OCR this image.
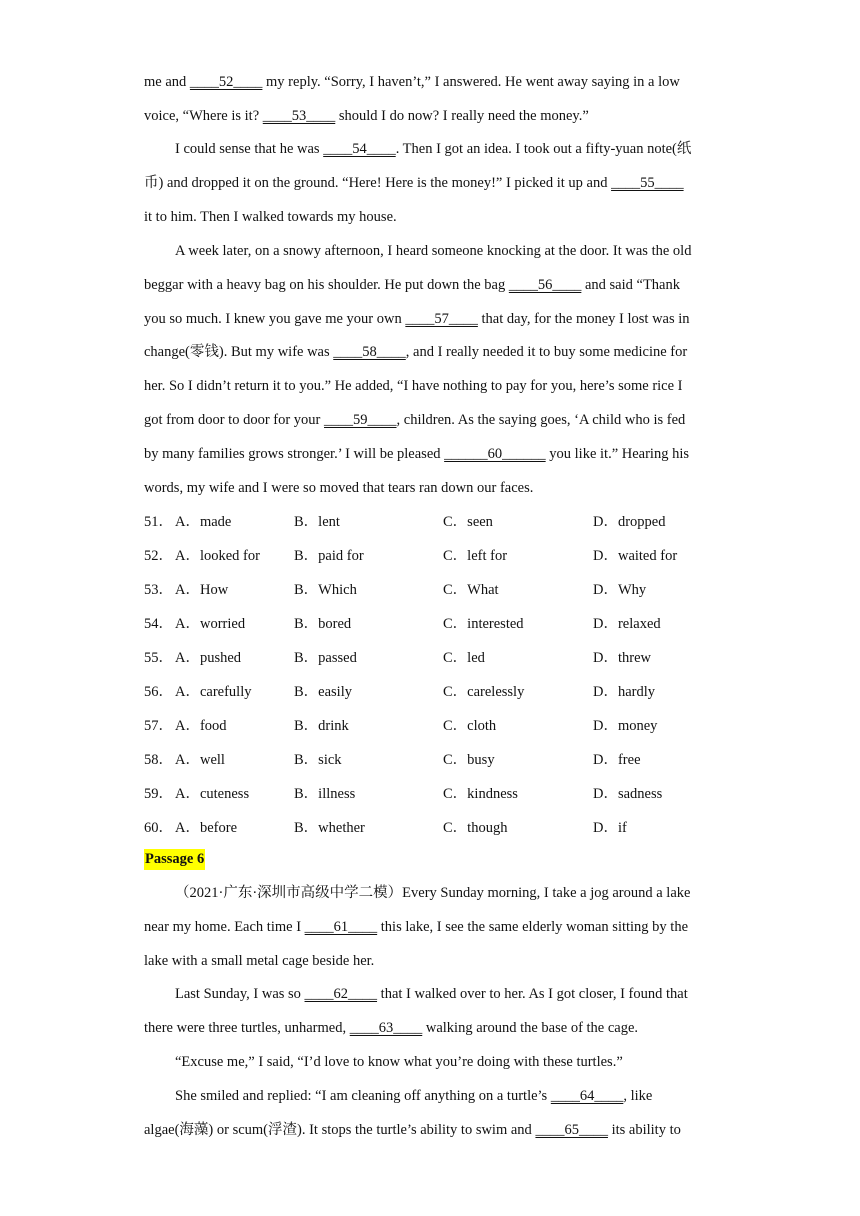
me and ____52____ my reply. “Sorry, I haven’t,” I answered. He went away saying in a low
voice, “Where is it? ____53____ should I do now? I really need the money.”
I could sense that he was ____54____. Then I got an idea. I took out a fifty-yuan note(纸
币) and dropped it on the ground. “Here! Here is the money!” I picked it up and ____55____
it to him. Then I walked towards my house.
A week later, on a snowy afternoon, I heard someone knocking at the door. It was the old
beggar with a heavy bag on his shoulder. He put down the bag ____56____ and said “Thank
you so much. I knew you gave me your own ____57____ that day, for the money I lost was in
change(零钱). But my wife was ____58____, and I really needed it to buy some medicine for
her. So I didn’t return it to you.” He added, “I have nothing to pay for you, here’s some rice I
got from door to door for your ____59____, children. As the saying goes, ‘A child who is fed
by many families grows stronger.’ I will be pleased ______60______ you like it.” Hearing his
words, my wife and I were so moved that tears ran down our faces.
51． A．made	B．lent	C．seen	D．dropped
52． A．looked for B．paid for	C．left for	D．waited for
53． A．How	B．Which	C．What	D．Why
54． A．worried	B．bored	C．interested	D．relaxed
55． A．pushed	B．passed	C．led	D．threw
56． A．carefully	B．easily	C．carelessly	D．hardly
57． A．food	B．drink	C．cloth	D．money
58． A．well	B．sick	C．busy	D．free
59． A．cuteness	B．illness	C．kindness	D．sadness
60． A．before	B．whether	C．though	D．if
Passage 6
（2021·广东·深圳市高级中学二模）Every Sunday morning, I take a jog around a lake
near my home. Each time I ____61____ this lake, I see the same elderly woman sitting by the
lake with a small metal cage beside her.
Last Sunday, I was so ____62____ that I walked over to her. As I got closer, I found that
there were three turtles, unharmed, ____63____ walking around the base of the cage.
“Excuse me,” I said, “I’d love to know what you’re doing with these turtles.”
She smiled and replied: “I am cleaning off anything on a turtle’s ____64____, like
algae(海藻) or scum(浮渣). It stops the turtle’s ability to swim and ____65____ its ability to
